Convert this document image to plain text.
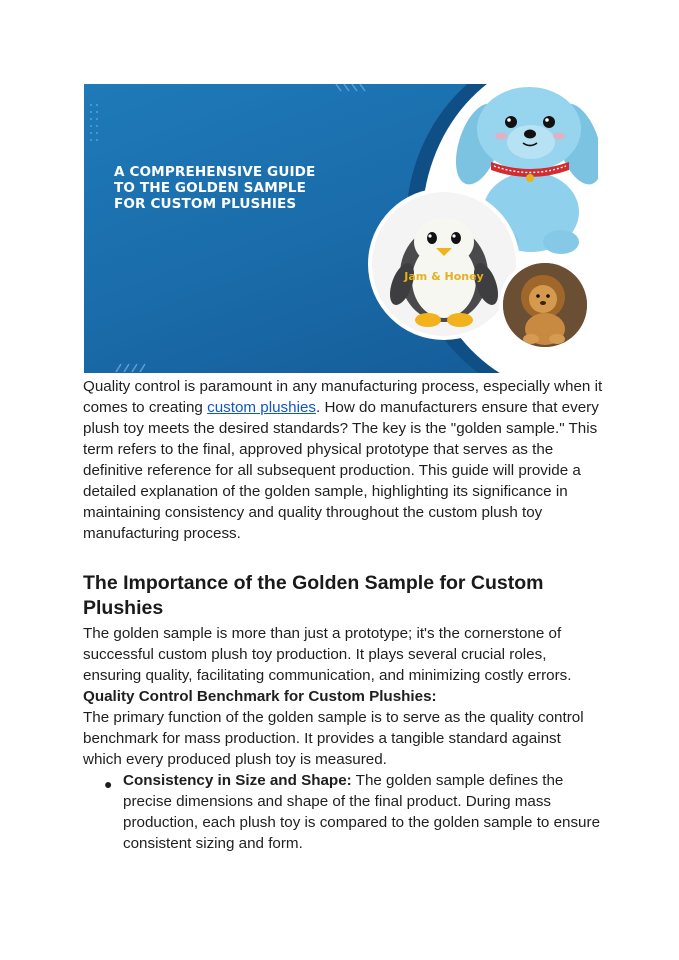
A COMPREHENSIVE GUIDE
TO THE GOLDEN SAMPLE
FOR CUSTOM PLUSHIES
Jam & Honey

Quality control is paramount in any manufacturing process, especially when it comes to creating custom plushies. How do manufacturers ensure that every plush toy meets the desired standards? The key is the "golden sample." This term refers to the final, approved physical prototype that serves as the definitive reference for all subsequent production. This guide will provide a detailed explanation of the golden sample, highlighting its significance in maintaining consistency and quality throughout the custom plush toy manufacturing process.

The Importance of the Golden Sample for Custom Plushies

The golden sample is more than just a prototype; it's the cornerstone of successful custom plush toy production. It plays several crucial roles, ensuring quality, facilitating communication, and minimizing costly errors.

Quality Control Benchmark for Custom Plushies:

The primary function of the golden sample is to serve as the quality control benchmark for mass production. It provides a tangible standard against which every produced plush toy is measured.

● Consistency in Size and Shape: The golden sample defines the precise dimensions and shape of the final product. During mass production, each plush toy is compared to the golden sample to ensure consistent sizing and form.
